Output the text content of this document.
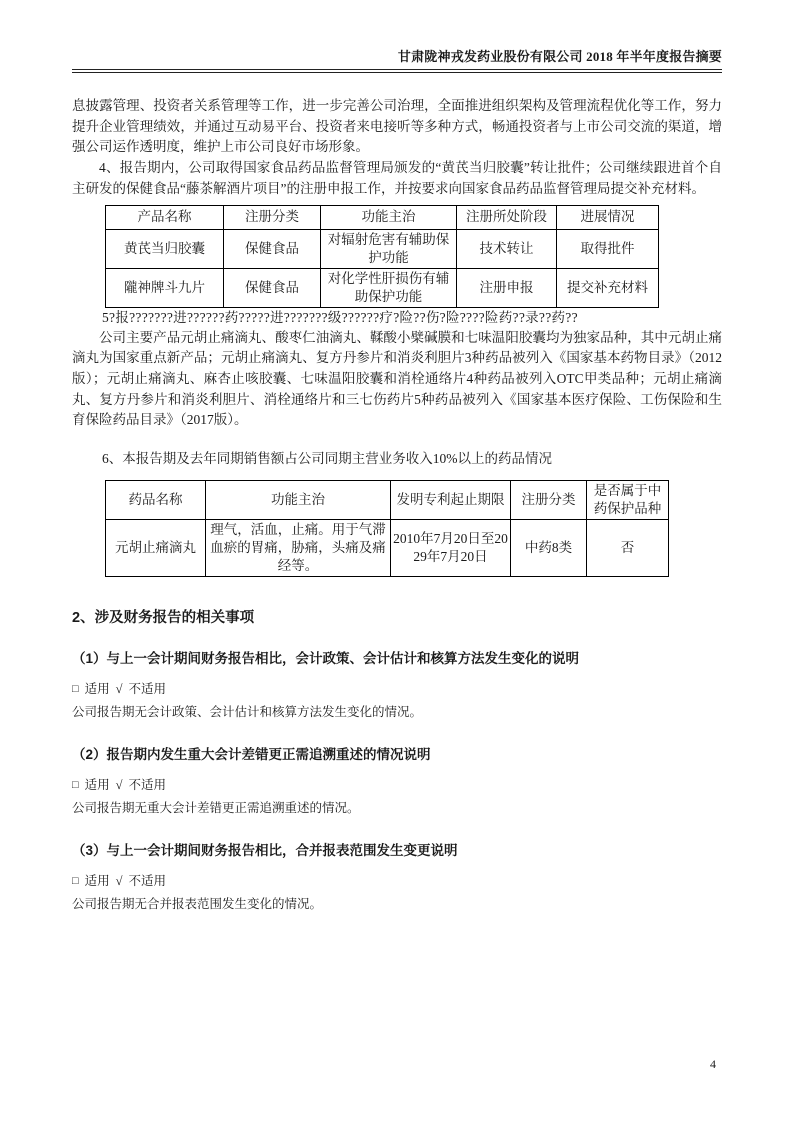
甘肃陇神戎发药业股份有限公司 2018 年半年度报告摘要

息披露管理、投资者关系管理等工作，进一步完善公司治理，全面推进组织架构及管理流程优化等工作，努力提升企业管理绩效，并通过互动易平台、投资者来电接听等多种方式，畅通投资者与上市公司交流的渠道，增强公司运作透明度，维护上市公司良好市场形象。

4、报告期内，公司取得国家食品药品监督管理局颁发的“黄芪当归胶囊”转让批件；公司继续跟进首个自主研发的保健食品“藤茶解酒片项目”的注册申报工作，并按要求向国家食品药品监督管理局提交补充材料。

产品名称	注册分类	功能主治	注册所处阶段	进展情况
黄芪当归胶囊	保健食品	对辐射危害有辅助保护功能	技术转让	取得批件
隴神牌斗九片	保健食品	对化学性肝损伤有辅助保护功能	注册申报	提交补充材料
5?报???????进??????药?????进???????级??????疗?险??伤?险????险药??录??药??

公司主要产品元胡止痛滴丸、酸枣仁油滴丸、鞣酸小檗碱膜和七味温阳胶囊均为独家品种，其中元胡止痛滴丸为国家重点新产品；元胡止痛滴丸、复方丹参片和消炎利胆片3种药品被列入《国家基本药物目录》（2012版）；元胡止痛滴丸、麻杏止咳胶囊、七味温阳胶囊和消栓通络片4种药品被列入OTC甲类品种；元胡止痛滴丸、复方丹参片和消炎利胆片、消栓通络片和三七伤药片5种药品被列入《国家基本医疗保险、工伤保险和生育保险药品目录》（2017版）。

6、本报告期及去年同期销售额占公司同期主营业务收入10%以上的药品情况
药品名称	功能主治	发明专利起止期限	注册分类	是否属于中药保护品种
元胡止痛滴丸	理气，活血，止痛。用于气滞血瘀的胃痛，胁痛，头痛及痛经等。	2010年7月20日至2029年7月20日	中药8类	否
2、涉及财务报告的相关事项
（1）与上一会计期间财务报告相比，会计政策、会计估计和核算方法发生变化的说明
□ 适用 √ 不适用
公司报告期无会计政策、会计估计和核算方法发生变化的情况。
（2）报告期内发生重大会计差错更正需追溯重述的情况说明
□ 适用 √ 不适用
公司报告期无重大会计差错更正需追溯重述的情况。
（3）与上一会计期间财务报告相比，合并报表范围发生变更说明
□ 适用 √ 不适用
公司报告期无合并报表范围发生变化的情况。
4
